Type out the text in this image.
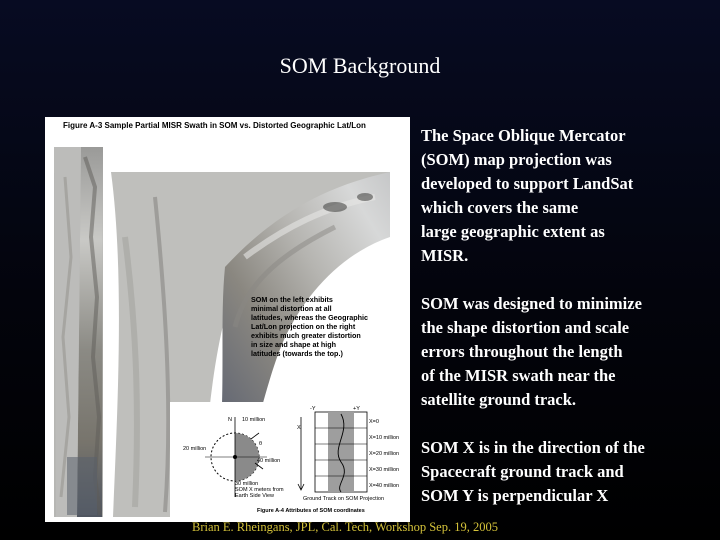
SOM Background
Figure A-3 Sample Partial MISR Swath in SOM vs. Distorted Geographic Lat/Lon
SOM on the left exhibits
minimal distortion at all
latitudes, whereas the Geographic
Lat/Lon projection on the right
exhibits much greater distortion
in size and shape at high
latitudes (towards the top.)
N 10 million
20 million
40 million
θ
30 million
SOM X meters from
Earth Side View
-Y	+Y
X
X=0
X=10 million
X=20 million
X=30 million
X=40 million
Ground Track on SOM Projection
Figure A-4 Attributes of SOM coordinates

The Space Oblique Mercator
(SOM) map projection was
developed to support LandSat
which covers the same
large geographic extent as
MISR.

SOM was designed to minimize
the shape distortion and scale
errors throughout the length
of the MISR swath near the
satellite ground track.

SOM X is in the direction of the
Spacecraft ground track and
SOM Y is perpendicular X

Brian E. Rheingans, JPL, Cal. Tech, Workshop Sep. 19, 2005
